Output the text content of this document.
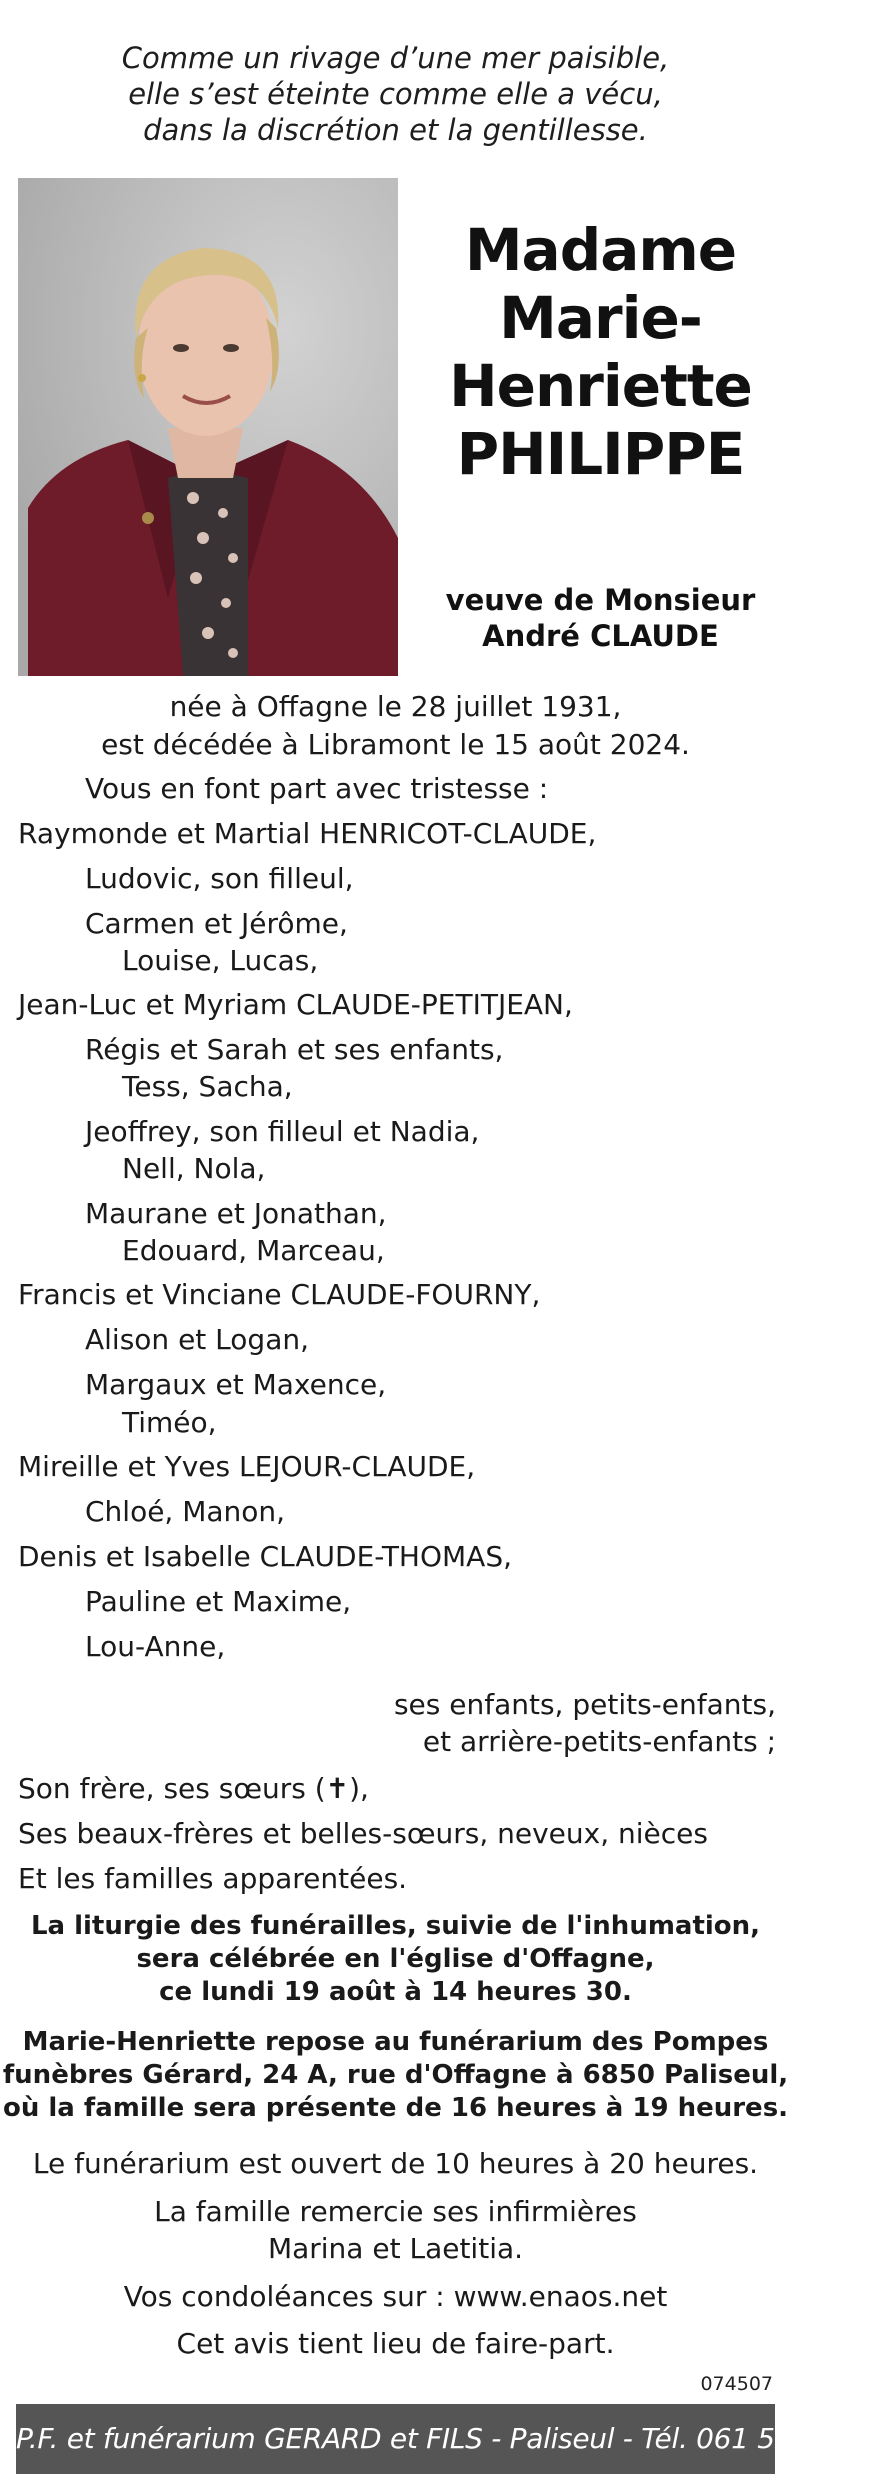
Comme un rivage d’une mer paisible,
elle s’est éteinte comme elle a vécu,
dans la discrétion et la gentillesse.
Madame
Marie-
Henriette
PHILIPPE
veuve de Monsieur
André CLAUDE
née à Offagne le 28 juillet 1931,
est décédée à Libramont le 15 août 2024.
Vous en font part avec tristesse :
Raymonde et Martial HENRICOT-CLAUDE,
Ludovic, son filleul,
Carmen et Jérôme,
Louise, Lucas,
Jean-Luc et Myriam CLAUDE-PETITJEAN,
Régis et Sarah et ses enfants,
Tess, Sacha,
Jeoffrey, son filleul et Nadia,
Nell, Nola,
Maurane et Jonathan,
Edouard, Marceau,
Francis et Vinciane CLAUDE-FOURNY,
Alison et Logan,
Margaux et Maxence,
Timéo,
Mireille et Yves LEJOUR-CLAUDE,
Chloé, Manon,
Denis et Isabelle CLAUDE-THOMAS,
Pauline et Maxime,
Lou-Anne,
ses enfants, petits-enfants,
et arrière-petits-enfants ;
Son frère, ses sœurs (✝),
Ses beaux-frères et belles-sœurs, neveux, nièces
Et les familles apparentées.
La liturgie des funérailles, suivie de l'inhumation,
sera célébrée en l'église d'Offagne,
ce lundi 19 août à 14 heures 30.
Marie-Henriette repose au funérarium des Pompes
funèbres Gérard, 24 A, rue d'Offagne à 6850 Paliseul,
où la famille sera présente de 16 heures à 19 heures.
Le funérarium est ouvert de 10 heures à 20 heures.
La famille remercie ses infirmières
Marina et Laetitia.
Vos condoléances sur : www.enaos.net
Cet avis tient lieu de faire-part.
074507
P.F. et funérarium GERARD et FILS - Paliseul - Tél. 061 53 32 84
